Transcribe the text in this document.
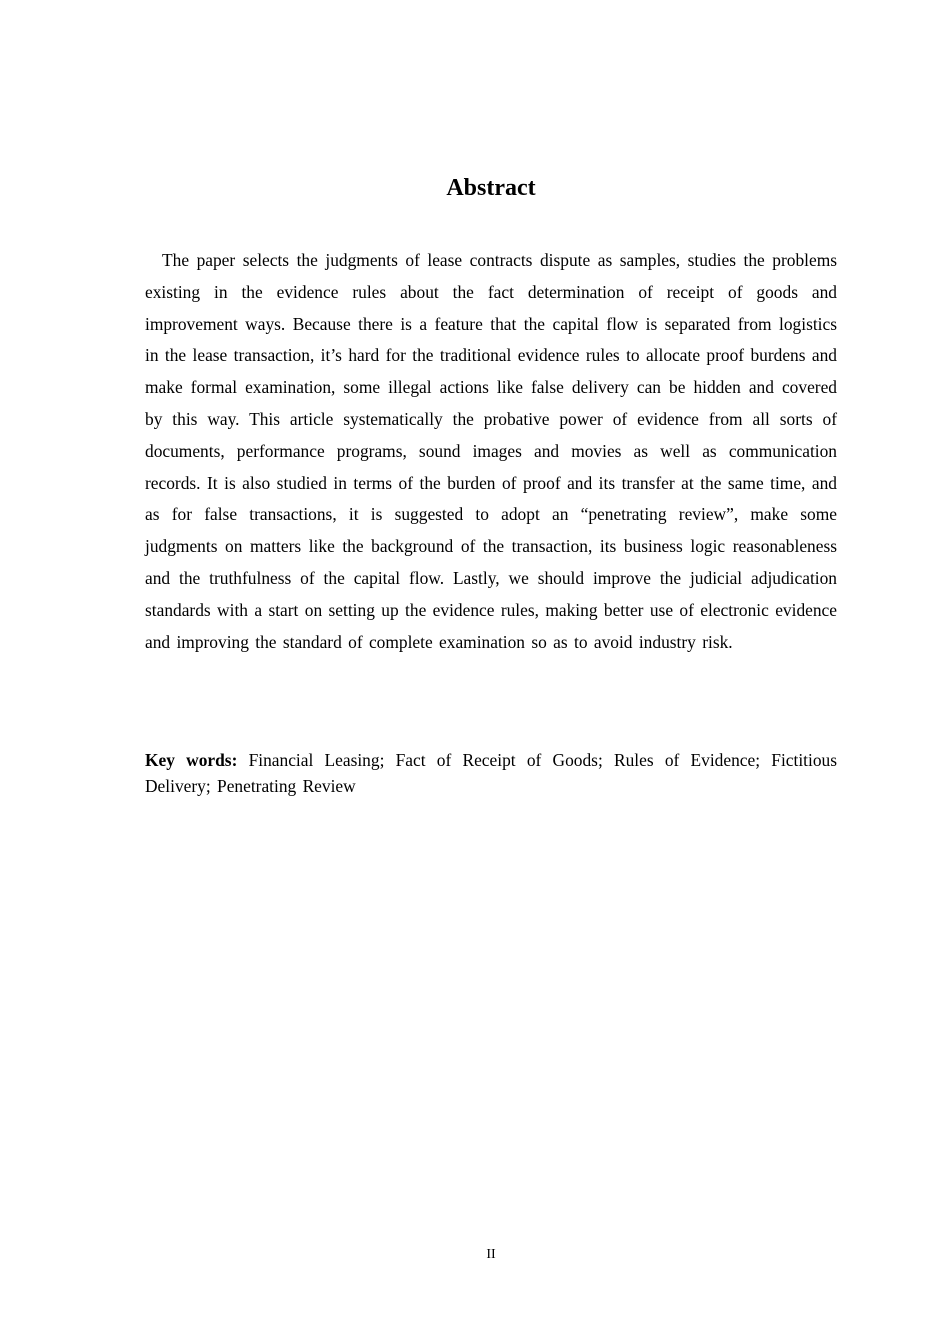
Abstract
The paper selects the judgments of lease contracts dispute as samples, studies the problems existing in the evidence rules about the fact determination of receipt of goods and improvement ways. Because there is a feature that the capital flow is separated from logistics in the lease transaction, it’s hard for the traditional evidence rules to allocate proof burdens and make formal examination, some illegal actions like false delivery can be hidden and covered by this way. This article systematically the probative power of evidence from all sorts of documents, performance programs, sound images and movies as well as communication records. It is also studied in terms of the burden of proof and its transfer at the same time, and as for false transactions, it is suggested to adopt an “penetrating review”, make some judgments on matters like the background of the transaction, its business logic reasonableness and the truthfulness of the capital flow. Lastly, we should improve the judicial adjudication standards with a start on setting up the evidence rules, making better use of electronic evidence and improving the standard of complete examination so as to avoid industry risk.
Key words: Financial Leasing; Fact of Receipt of Goods; Rules of Evidence; Fictitious Delivery; Penetrating Review
II
